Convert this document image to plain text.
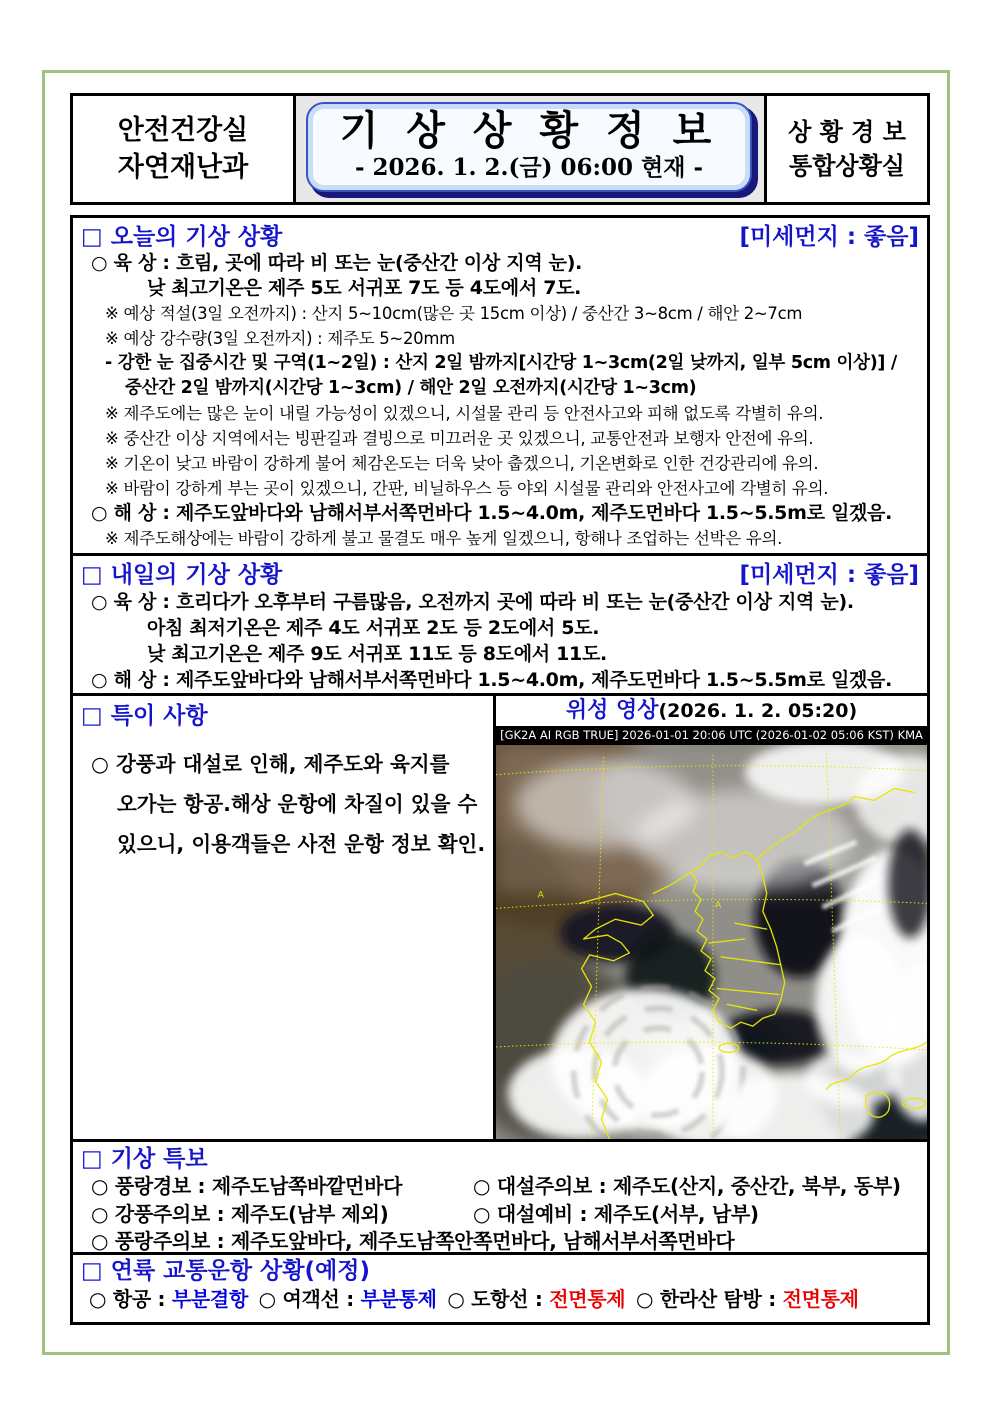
안전건강실
자연재난과
기 상 상 황 정 보
- 2026. 1. 2.(금) 06:00 현재 -
상 황 경 보
통합상황실
□ 오늘의 기상 상황	[미세먼지 : 좋음]
○ 육 상 : 흐림, 곳에 따라 비 또는 눈(중산간 이상 지역 눈).
낮 최고기온은 제주 5도 서귀포 7도 등 4도에서 7도.
※ 예상 적설(3일 오전까지) : 산지 5~10cm(많은 곳 15cm 이상) / 중산간 3~8cm / 해안 2~7cm
※ 예상 강수량(3일 오전까지) : 제주도 5~20mm
- 강한 눈 집중시간 및 구역(1~2일) : 산지 2일 밤까지[시간당 1~3cm(2일 낮까지, 일부 5cm 이상)] /
중산간 2일 밤까지(시간당 1~3cm) / 해안 2일 오전까지(시간당 1~3cm)
※ 제주도에는 많은 눈이 내릴 가능성이 있겠으니, 시설물 관리 등 안전사고와 피해 없도록 각별히 유의.
※ 중산간 이상 지역에서는 빙판길과 결빙으로 미끄러운 곳 있겠으니, 교통안전과 보행자 안전에 유의.
※ 기온이 낮고 바람이 강하게 불어 체감온도는 더욱 낮아 춥겠으니, 기온변화로 인한 건강관리에 유의.
※ 바람이 강하게 부는 곳이 있겠으니, 간판, 비닐하우스 등 야외 시설물 관리와 안전사고에 각별히 유의.
○ 해 상 : 제주도앞바다와 남해서부서쪽먼바다 1.5~4.0m, 제주도먼바다 1.5~5.5m로 일겠음.
※ 제주도해상에는 바람이 강하게 불고 물결도 매우 높게 일겠으니, 항해나 조업하는 선박은 유의.
□ 내일의 기상 상황	[미세먼지 : 좋음]
○ 육 상 : 흐리다가 오후부터 구름많음, 오전까지 곳에 따라 비 또는 눈(중산간 이상 지역 눈).
아침 최저기온은 제주 4도 서귀포 2도 등 2도에서 5도.
낮 최고기온은 제주 9도 서귀포 11도 등 8도에서 11도.
○ 해 상 : 제주도앞바다와 남해서부서쪽먼바다 1.5~4.0m, 제주도먼바다 1.5~5.5m로 일겠음.
□ 특이 사항
○ 강풍과 대설로 인해, 제주도와 육지를
오가는 항공.해상 운항에 차질이 있을 수
있으니, 이용객들은 사전 운항 정보 확인.
위성 영상(2026. 1. 2. 05:20)
[GK2A AI RGB TRUE] 2026-01-01 20:06 UTC (2026-01-02 05:06 KST) KMA
A
A
□ 기상 특보
○ 풍랑경보 : 제주도남쪽바깥먼바다	○ 대설주의보 : 제주도(산지, 중산간, 북부, 동부)
○ 강풍주의보 : 제주도(남부 제외)	○ 대설예비 : 제주도(서부, 남부)
○ 풍랑주의보 : 제주도앞바다, 제주도남쪽안쪽먼바다, 남해서부서쪽먼바다
□ 연륙 교통운항 상황(예정)
○ 항공 : 부분결항 ○ 여객선 : 부분통제 ○ 도항선 : 전면통제 ○ 한라산 탐방 : 전면통제
